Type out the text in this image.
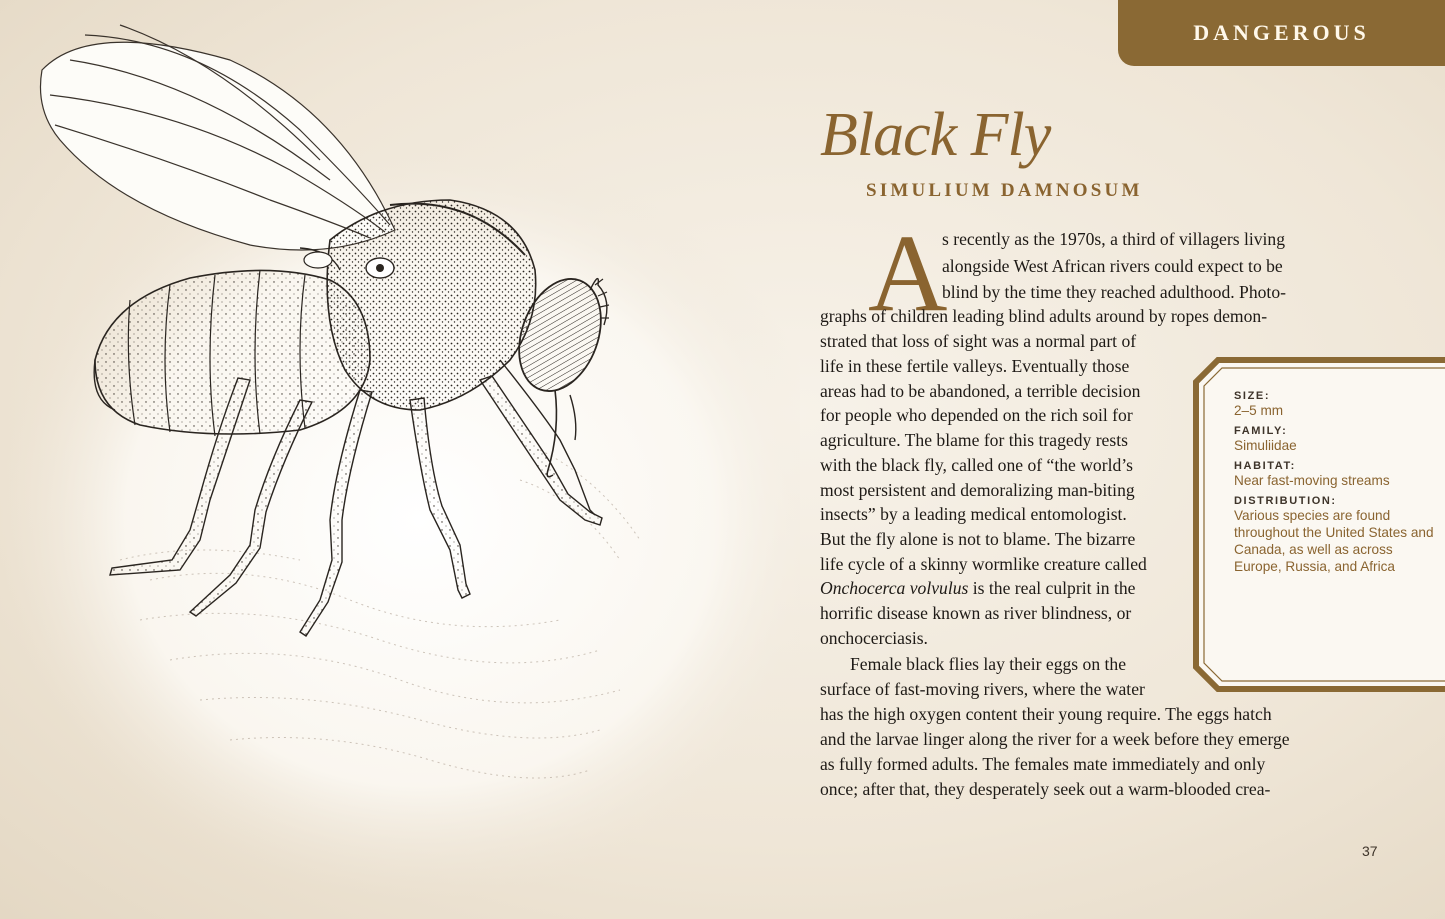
DANGEROUS
Black Fly
SIMULIUM DAMNOSUM
A
s recently as the 1970s, a third of villagers living
alongside West African rivers could expect to be
blind by the time they reached adulthood. Photo-
graphs of children leading blind adults around by ropes demon-
strated that loss of sight was a normal part of
life in these fertile valleys. Eventually those
areas had to be abandoned, a terrible decision
for people who depended on the rich soil for
agriculture. The blame for this tragedy rests
with the black fly, called one of “the world’s
most persistent and demoralizing man-biting
insects” by a leading medical entomologist.
But the fly alone is not to blame. The bizarre
life cycle of a skinny wormlike creature called
Onchocerca volvulus is the real culprit in the
horrific disease known as river blindness, or
onchocerciasis.
Female black flies lay their eggs on the
surface of fast-moving rivers, where the water
has the high oxygen content their young require. The eggs hatch
and the larvae linger along the river for a week before they emerge
as fully formed adults. The females mate immediately and only
once; after that, they desperately seek out a warm-blooded crea-
SIZE:
2–5 mm
FAMILY:
Simuliidae
HABITAT:
Near fast-moving streams
DISTRIBUTION:
Various species are found throughout the United States and Canada, as well as across Europe, Russia, and Africa
37
